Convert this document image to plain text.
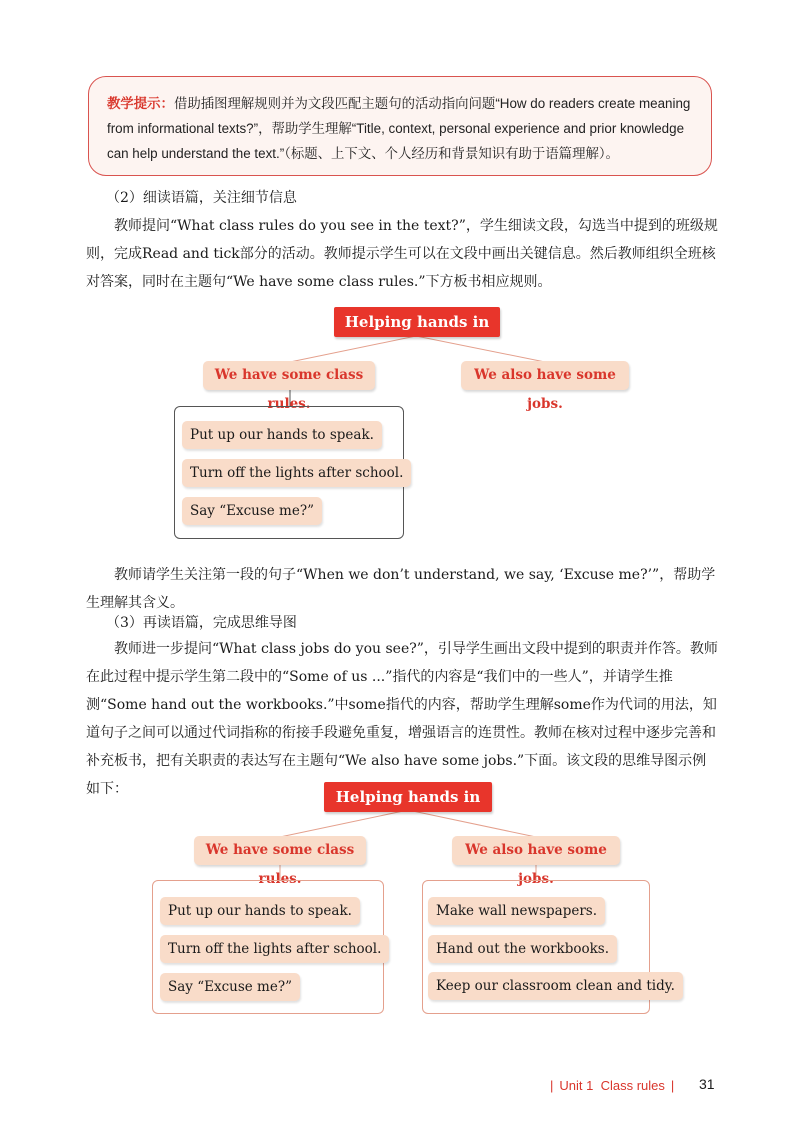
教学提示：借助插图理解规则并为文段匹配主题句的活动指向问题“How do readers create meaning from informational texts?”，帮助学生理解“Title, context, personal experience and prior knowledge can help understand the text.”（标题、上下文、个人经历和背景知识有助于语篇理解）。
（2）细读语篇，关注细节信息
教师提问“What class rules do you see in the text?”，学生细读文段，勾选当中提到的班级规则，完成Read and tick部分的活动。教师提示学生可以在文段中画出关键信息。然后教师组织全班核对答案，同时在主题句“We have some class rules.”下方板书相应规则。
Helping hands in class
We have some class rules.
We also have some jobs.
Put up our hands to speak.
Turn off the lights after school.
Say “Excuse me?”
教师请学生关注第一段的句子“When we don’t understand, we say, ‘Excuse me?’”，帮助学生理解其含义。
（3）再读语篇，完成思维导图
教师进一步提问“What class jobs do you see?”，引导学生画出文段中提到的职责并作答。教师在此过程中提示学生第二段中的“Some of us ...”指代的内容是“我们中的一些人”，并请学生推测“Some hand out the workbooks.”中some指代的内容，帮助学生理解some作为代词的用法，知道句子之间可以通过代词指称的衔接手段避免重复，增强语言的连贯性。教师在核对过程中逐步完善和补充板书，把有关职责的表达写在主题句“We also have some jobs.”下面。该文段的思维导图示例如下：	Helping hands in class
We have some class rules.
We also have some jobs.
Put up our hands to speak.
Turn off the lights after school.
Say “Excuse me?”
Make wall newspapers.
Hand out the workbooks.
Keep our classroom clean and tidy.
| Unit 1 Class rules |	31
